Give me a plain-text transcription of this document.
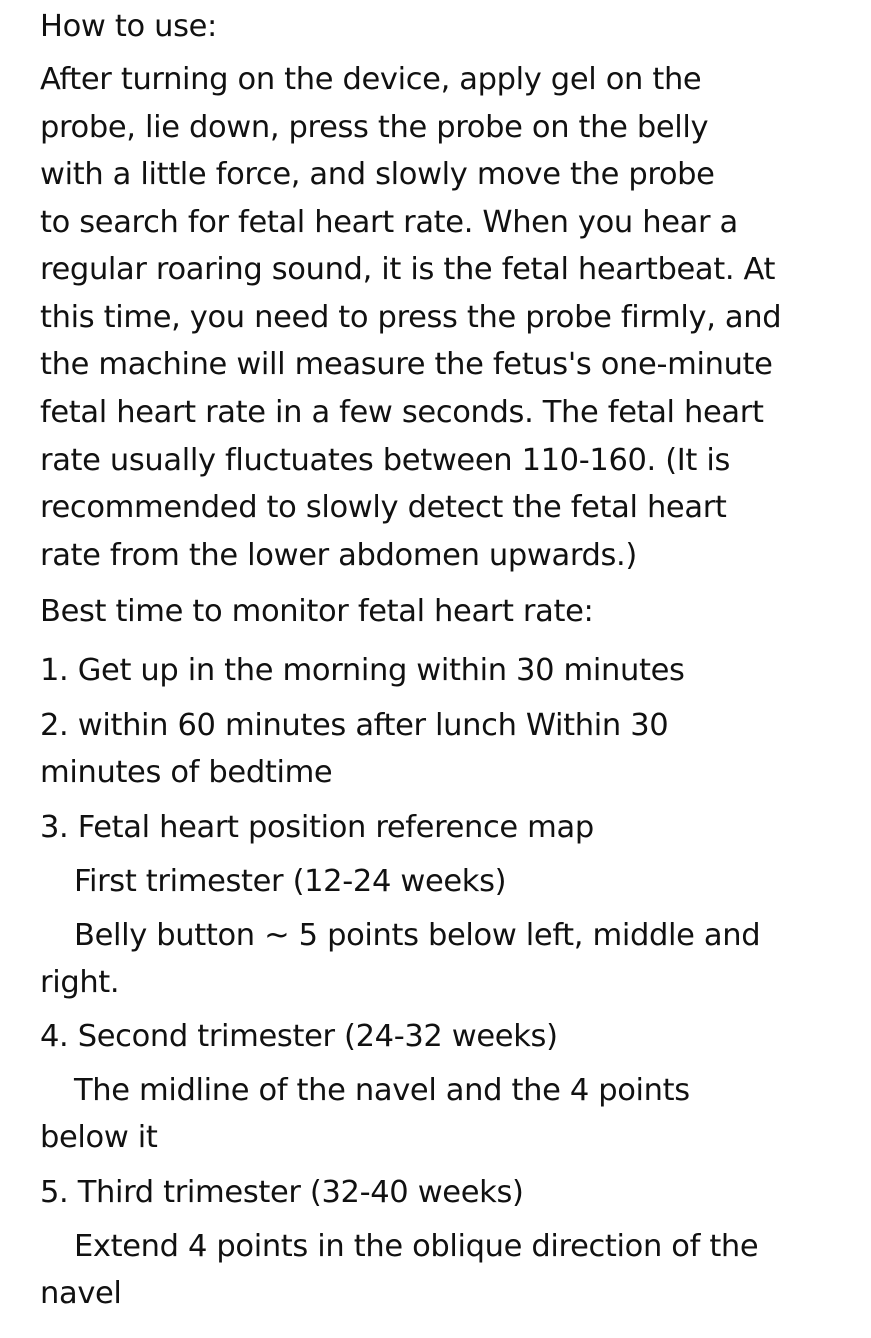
How to use:

After turning on the device, apply gel on the

probe, lie down, press the probe on the belly

with a little force, and slowly move the probe

to search for fetal heart rate. When you hear a

regular roaring sound, it is the fetal heartbeat. At

this time, you need to press the probe firmly, and

the machine will measure the fetus's one-minute

fetal heart rate in a few seconds. The fetal heart

rate usually fluctuates between 110-160. (It is

recommended to slowly detect the fetal heart

rate from the lower abdomen upwards.)

Best time to monitor fetal heart rate:

1. Get up in the morning within 30 minutes

2. within 60 minutes after lunch Within 30

minutes of bedtime

3. Fetal heart position reference map

First trimester (12-24 weeks)

Belly button ~ 5 points below left, middle and

right.

4. Second trimester (24-32 weeks)

The midline of the navel and the 4 points

below it

5. Third trimester (32-40 weeks)

Extend 4 points in the oblique direction of the

navel
